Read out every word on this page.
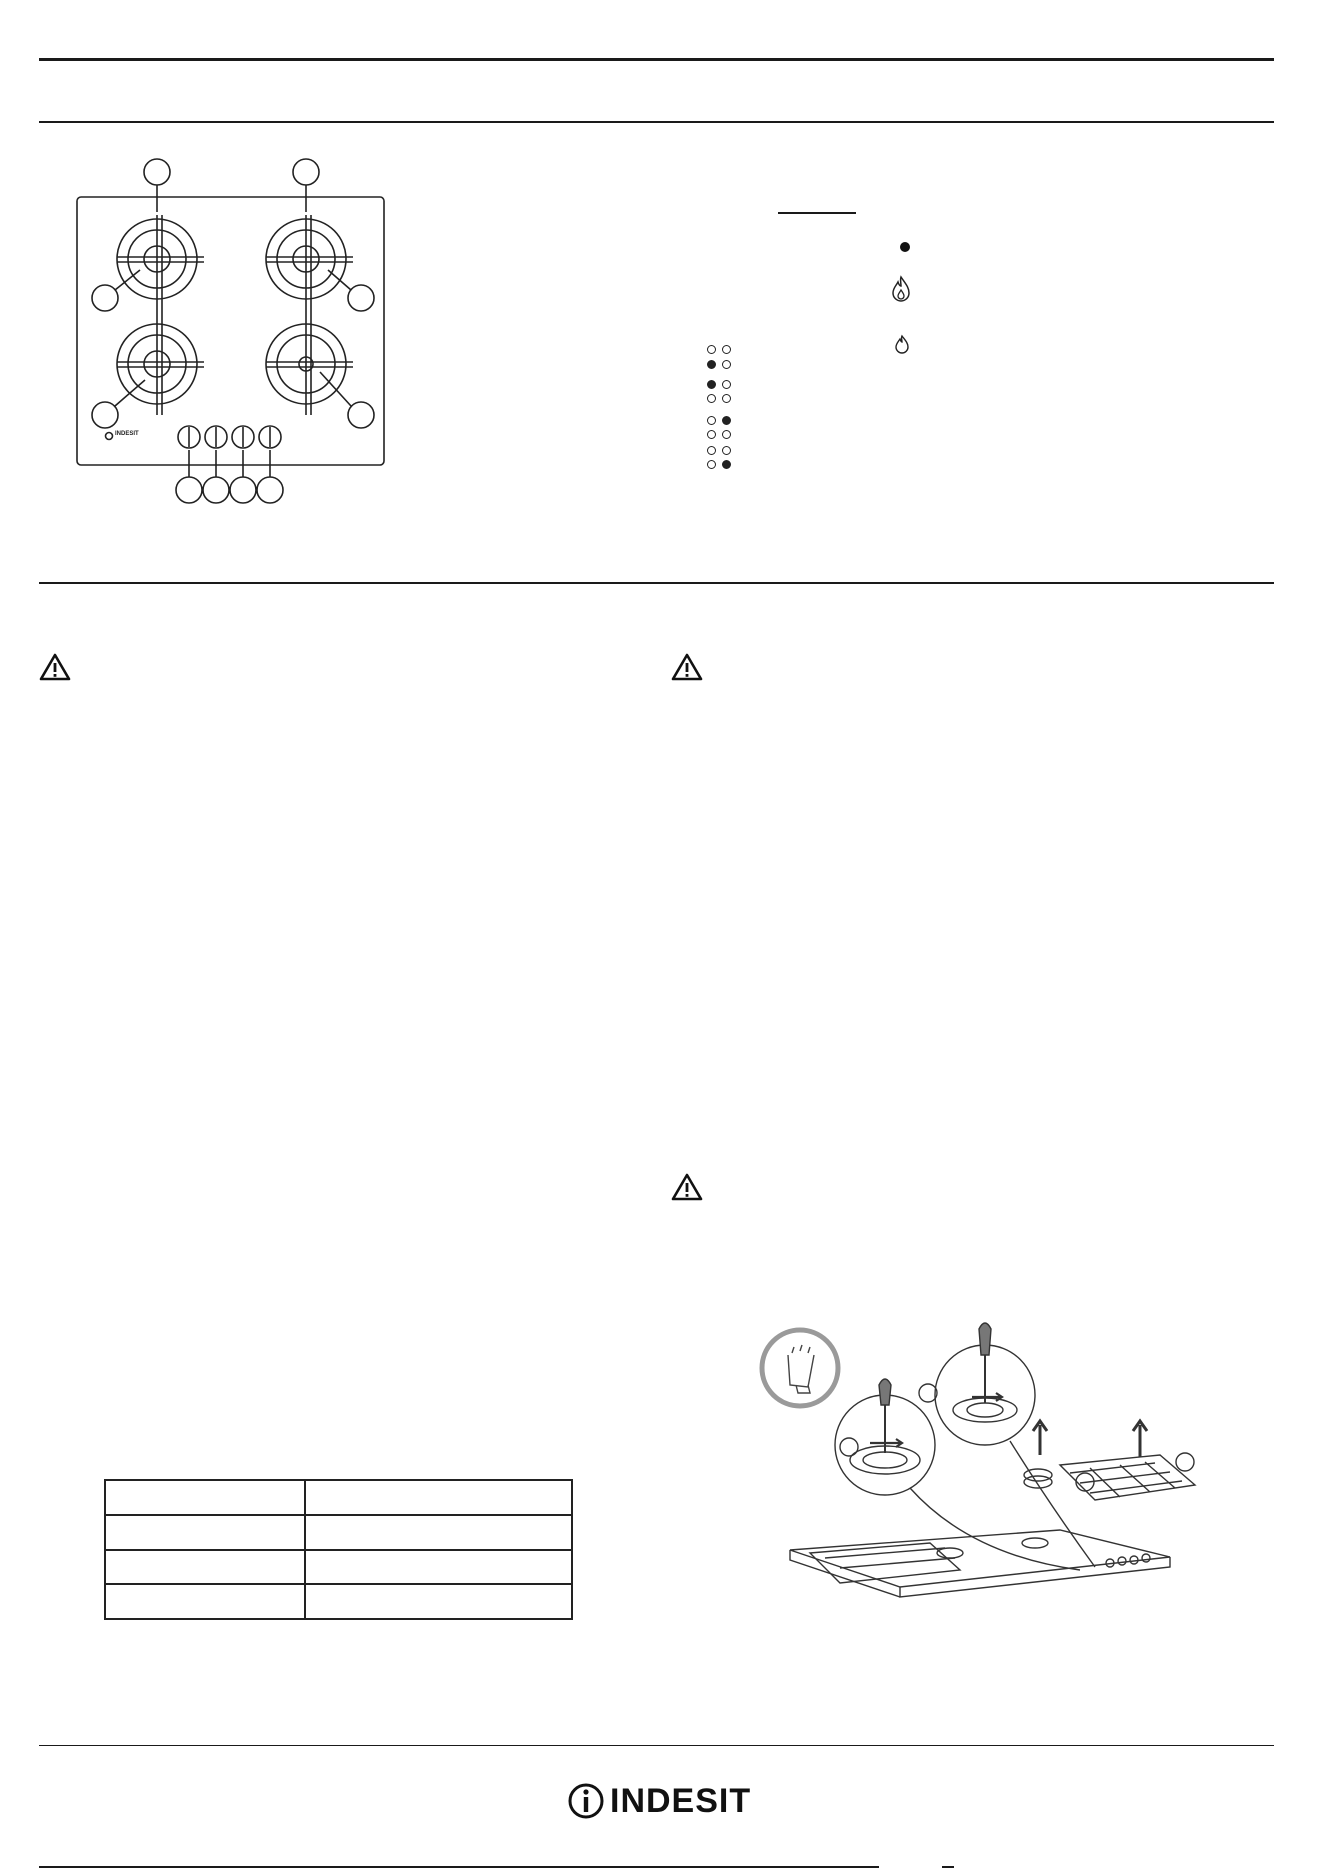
INDESIT

INDESIT
